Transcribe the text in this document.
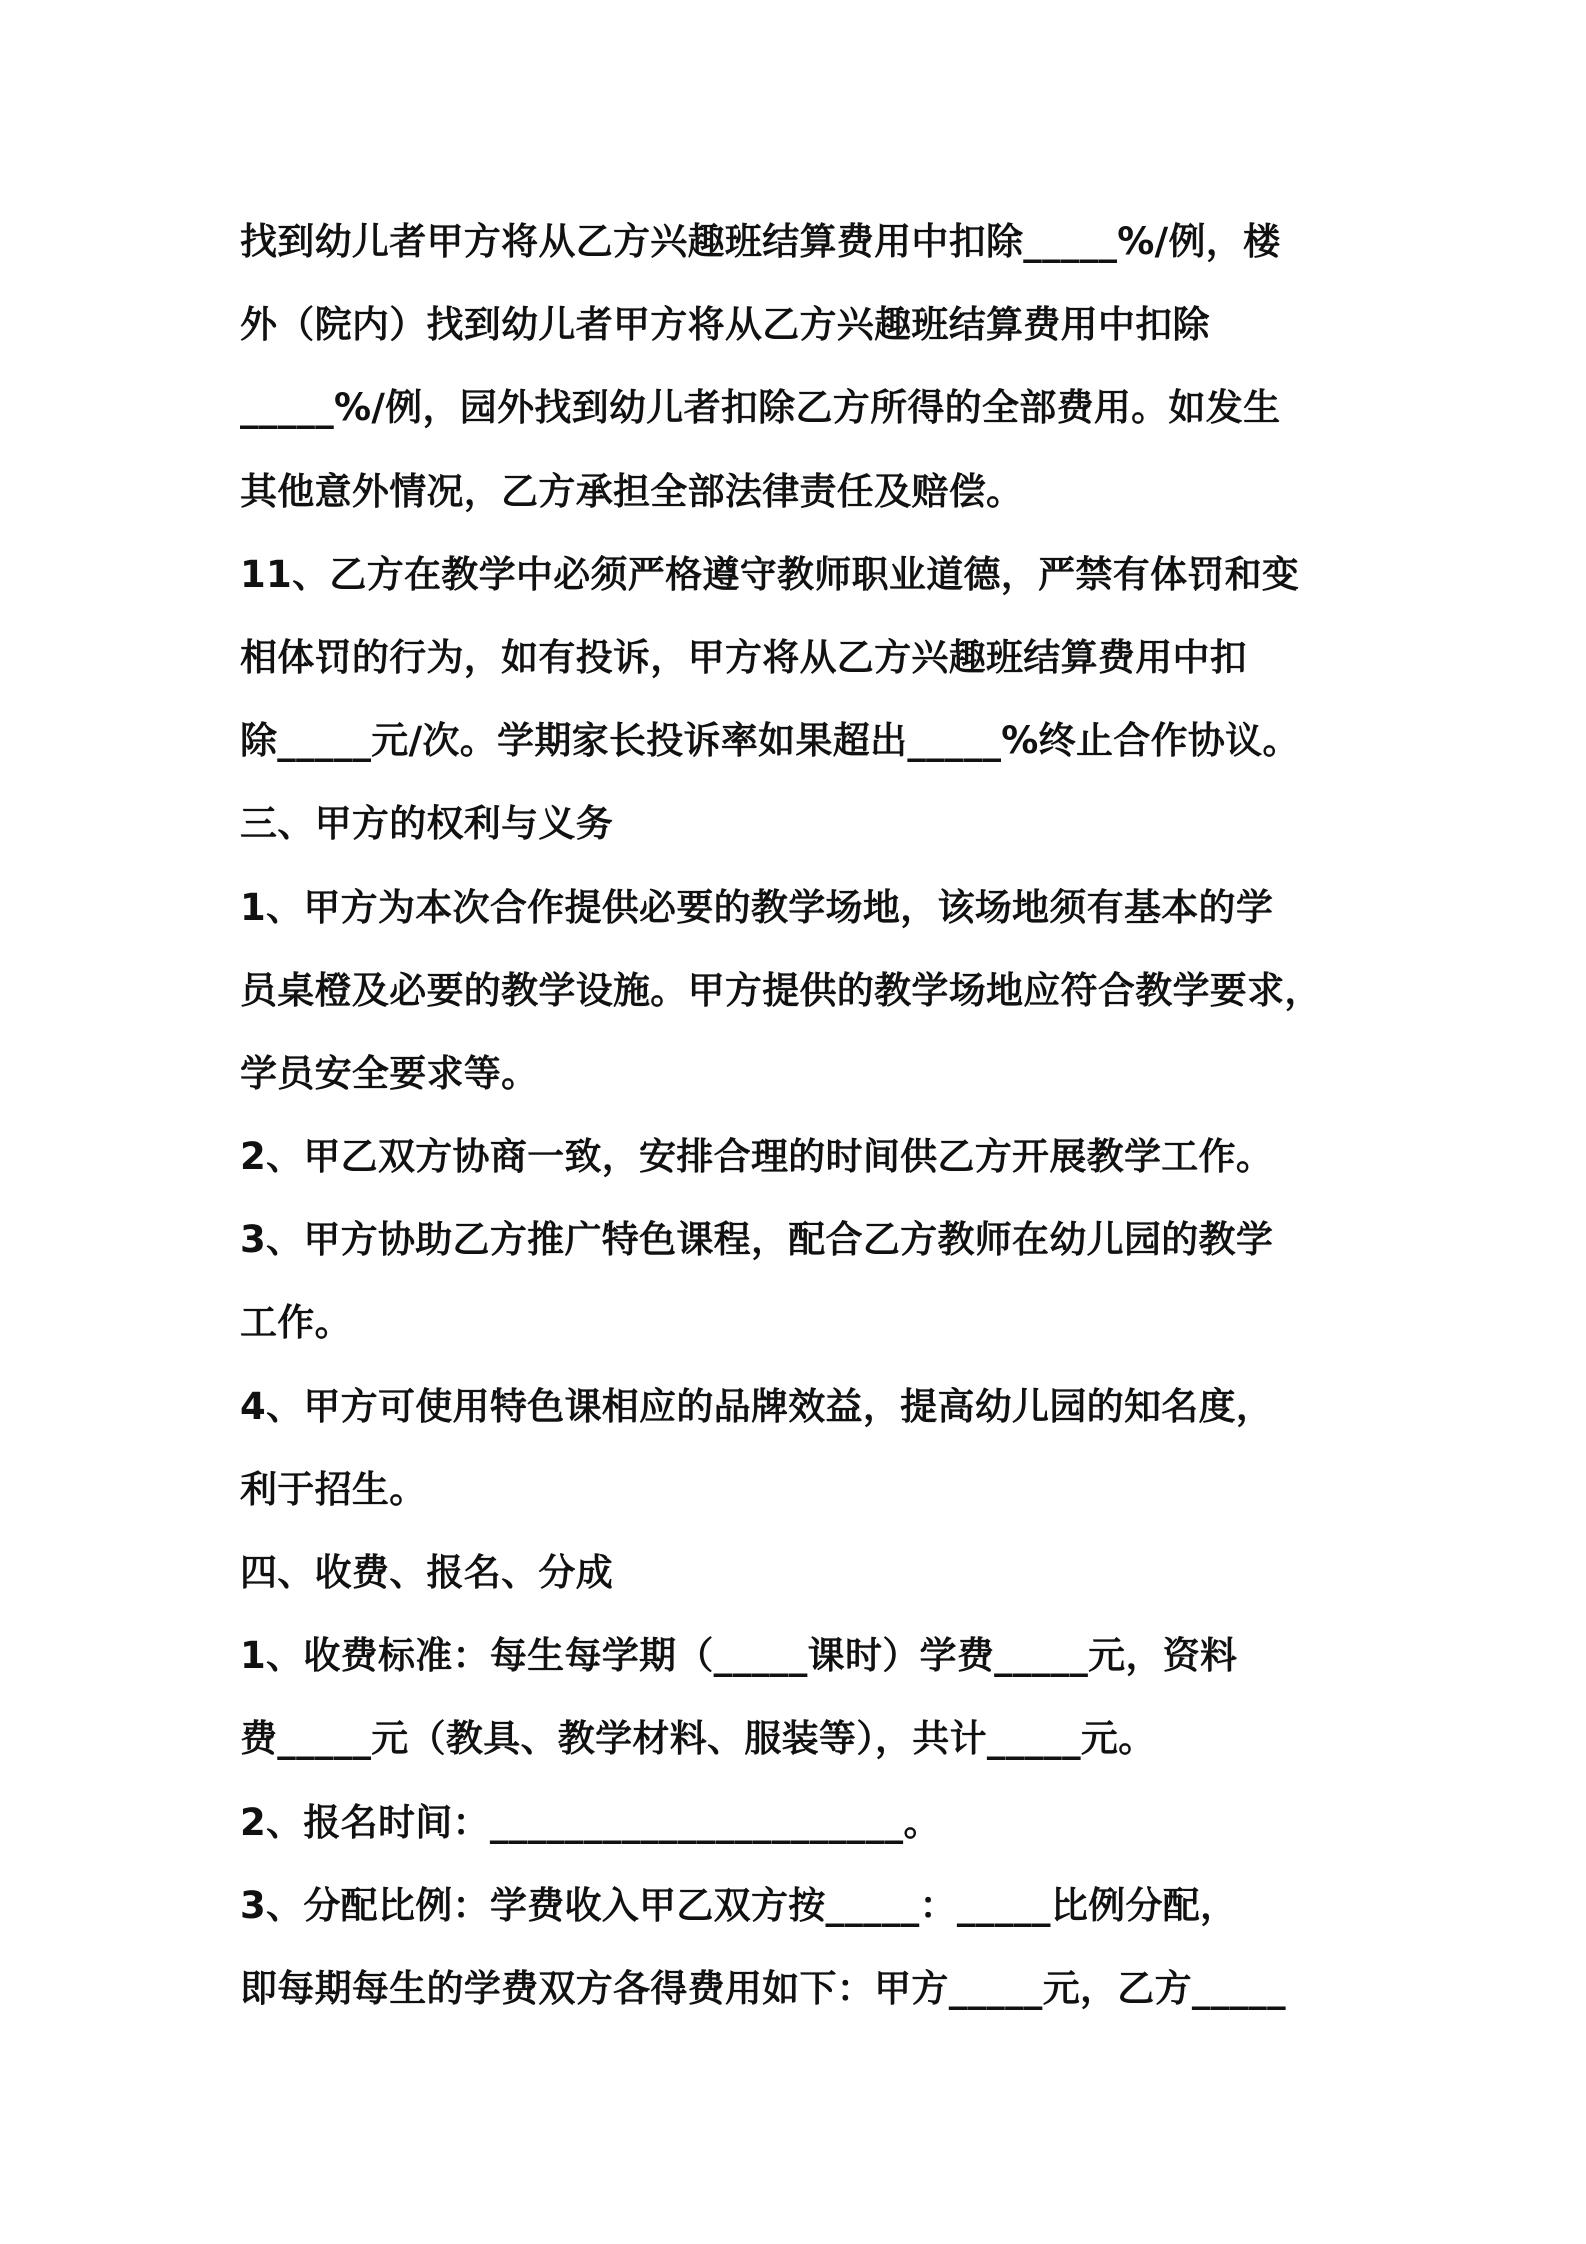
找到幼儿者甲方将从乙方兴趣班结算费用中扣除_____%/例，楼
外（院内）找到幼儿者甲方将从乙方兴趣班结算费用中扣除
_____%/例，园外找到幼儿者扣除乙方所得的全部费用。如发生
其他意外情况，乙方承担全部法律责任及赔偿。
11、乙方在教学中必须严格遵守教师职业道德，严禁有体罚和变
相体罚的行为，如有投诉，甲方将从乙方兴趣班结算费用中扣
除_____元/次。学期家长投诉率如果超出_____%终止合作协议。
三、甲方的权利与义务
1、甲方为本次合作提供必要的教学场地，该场地须有基本的学
员桌橙及必要的教学设施。甲方提供的教学场地应符合教学要求，
学员安全要求等。
2、甲乙双方协商一致，安排合理的时间供乙方开展教学工作。
3、甲方协助乙方推广特色课程，配合乙方教师在幼儿园的教学
工作。
4、甲方可使用特色课相应的品牌效益，提高幼儿园的知名度，
利于招生。
四、收费、报名、分成
1、收费标准：每生每学期（_____课时）学费_____元，资料
费_____元（教具、教学材料、服装等），共计_____元。
2、报名时间：______________________。
3、分配比例：学费收入甲乙双方按_____：_____比例分配，
即每期每生的学费双方各得费用如下：甲方_____元，乙方_____
